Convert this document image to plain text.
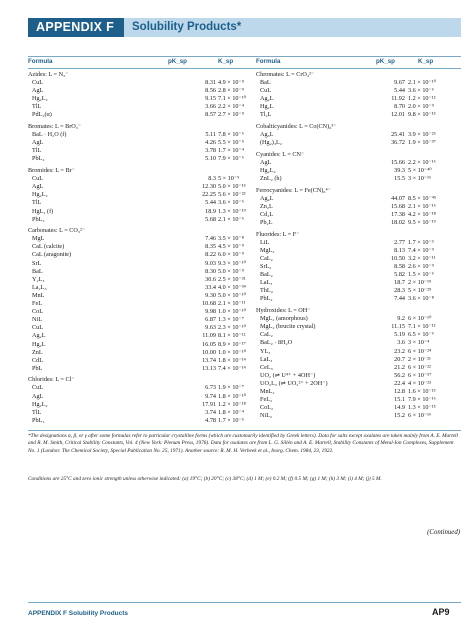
APPENDIX F	Solubility Products*
Formula	pK_sp	K_sp	Formula	pK_sp	K_sp
Azides: L = N₃⁻
CuL	8.31 4.9 × 10⁻⁹
AgL	8.56 2.8 × 10⁻⁹
Hg₂L₂	9.15 7.1 × 10⁻¹⁰
TlL	3.66 2.2 × 10⁻⁴
PdL₂(α)	8.57 2.7 × 10⁻⁹
Bromates: L = BrO₃⁻
BaL · H₂O (f)	5.11 7.8 × 10⁻⁶
AgL	4.26 5.5 × 10⁻⁵
TlL	3.78 1.7 × 10⁻⁴
PbL₂	5.10 7.9 × 10⁻⁶
Bromides: L = Br⁻
CuL	8.3 5 × 10⁻⁹
AgL	12.30 5.0 × 10⁻¹³
Hg₂L₂	22.25 5.6 × 10⁻²³
TlL	5.44 3.6 × 10⁻⁶
HgL₂ (f)	18.9 1.3 × 10⁻¹⁹
PbL₂	5.68 2.1 × 10⁻⁶
Carbonates: L = CO₃²⁻
MgL	7.46 3.5 × 10⁻⁸
CaL (calcite)	8.35 4.5 × 10⁻⁹
CaL (aragonite)	8.22 6.0 × 10⁻⁹
SrL	9.03 9.3 × 10⁻¹⁰
BaL	8.30 5.0 × 10⁻⁹
Y₂L₃	30.6 2.5 × 10⁻³¹
La₂L₃	33.4 4.0 × 10⁻³⁴
MnL	9.30 5.0 × 10⁻¹⁰
FeL	10.68 2.1 × 10⁻¹¹
CoL	9.98 1.0 × 10⁻¹⁰
NiL	6.87 1.3 × 10⁻⁷
CuL	9.63 2.3 × 10⁻¹⁰
Ag₂L	11.09 8.1 × 10⁻¹²
Hg₂L	16.05 8.9 × 10⁻¹⁷
ZnL	10.00 1.0 × 10⁻¹⁰
CdL	13.74 1.8 × 10⁻¹⁴
PbL	13.13 7.4 × 10⁻¹⁴
Chlorides: L = Cl⁻
CuL	6.73 1.9 × 10⁻⁷
AgL	9.74 1.8 × 10⁻¹⁰
Hg₂L₂	17.91 1.2 × 10⁻¹⁸
TlL	3.74 1.8 × 10⁻⁴
PbL₂	4.78 1.7 × 10⁻⁵
Chromates: L = CrO₄²⁻
BaL	9.67 2.1 × 10⁻¹⁰
CuL	5.44 3.6 × 10⁻⁶
Ag₂L	11.92 1.2 × 10⁻¹²
Hg₂L	8.70 2.0 × 10⁻⁹
Tl₂L	12.01 9.8 × 10⁻¹³
Cobalticyanides: L = Co(CN)₆³⁻
Ag₃L	25.41 3.9 × 10⁻²⁶
(Hg₂)₃L₂	36.72 1.9 × 10⁻³⁷
Cyanides: L = CN⁻
AgL	15.66 2.2 × 10⁻¹⁶
Hg₂L₂	39.3 5 × 10⁻⁴⁰
ZnL₂ (h)	15.5 3 × 10⁻¹⁶
Ferrocyanides: L = Fe(CN)₆⁴⁻
Ag₄L	44.07 8.5 × 10⁻⁴⁵
Zn₂L	15.68 2.1 × 10⁻¹⁶
Cd₂L	17.38 4.2 × 10⁻¹⁸
Pb₂L	18.02 9.5 × 10⁻¹⁹
Fluorides: L = F⁻
LiL	2.77 1.7 × 10⁻³
MgL₂	8.13 7.4 × 10⁻⁹
CaL₂	10.50 3.2 × 10⁻¹¹
SrL₂	8.58 2.6 × 10⁻⁹
BaL₂	5.82 1.5 × 10⁻⁶
LaL₃	18.7 2 × 10⁻¹⁹
ThL₄	28.3 5 × 10⁻²⁹
PbL₂	7.44 3.6 × 10⁻⁸
Hydroxides: L = OH⁻
MgL₂ (amorphous)	9.2 6 × 10⁻¹⁰
MgL₂ (brucite crystal)	11.15 7.1 × 10⁻¹²
CaL₂	5.19 6.5 × 10⁻⁶
BaL₂ · 8H₂O	3.6 3 × 10⁻⁴
YL₃	23.2 6 × 10⁻²⁴
LaL₃	20.7 2 × 10⁻²¹
CeL₃	21.2 6 × 10⁻²²
UO₂ (⇌ U⁴⁺ + 4OH⁻)	56.2 6 × 10⁻⁵⁷
UO₂L₂ (⇌ UO₂²⁺ + 2OH⁻)	22.4 4 × 10⁻²³
MnL₂	12.8 1.6 × 10⁻¹³
FeL₂	15.1 7.9 × 10⁻¹⁶
CoL₂	14.9 1.3 × 10⁻¹⁵
NiL₂	15.2 6 × 10⁻¹⁶
*The designations α, β, or γ after some formulas refer to particular crystalline forms (which are customarily identified by Greek letters). Data for salts except oxalates are taken mainly from A. E. Martell and R. M. Smith, Critical Stability Constants, Vol. 4 (New York: Plenum Press, 1976). Data for oxalates are from L. G. Sillén and A. E. Martell, Stability Constants of Metal-Ion Complexes, Supplement No. 1 (London: The Chemical Society, Special Publication No. 25, 1971). Another source: R. M. H. Verbeek et al., Inorg. Chem. 1984, 23, 1922.
Conditions are 25°C and zero ionic strength unless otherwise indicated: (a) 19°C; (b) 20°C; (c) 38°C; (d) 1 M; (e) 0.2 M; (f) 0.5 M; (g) 1 M; (h) 3 M; (i) 4 M; (j) 5 M.
(Continued)
APPENDIX F Solubility Products	AP9
